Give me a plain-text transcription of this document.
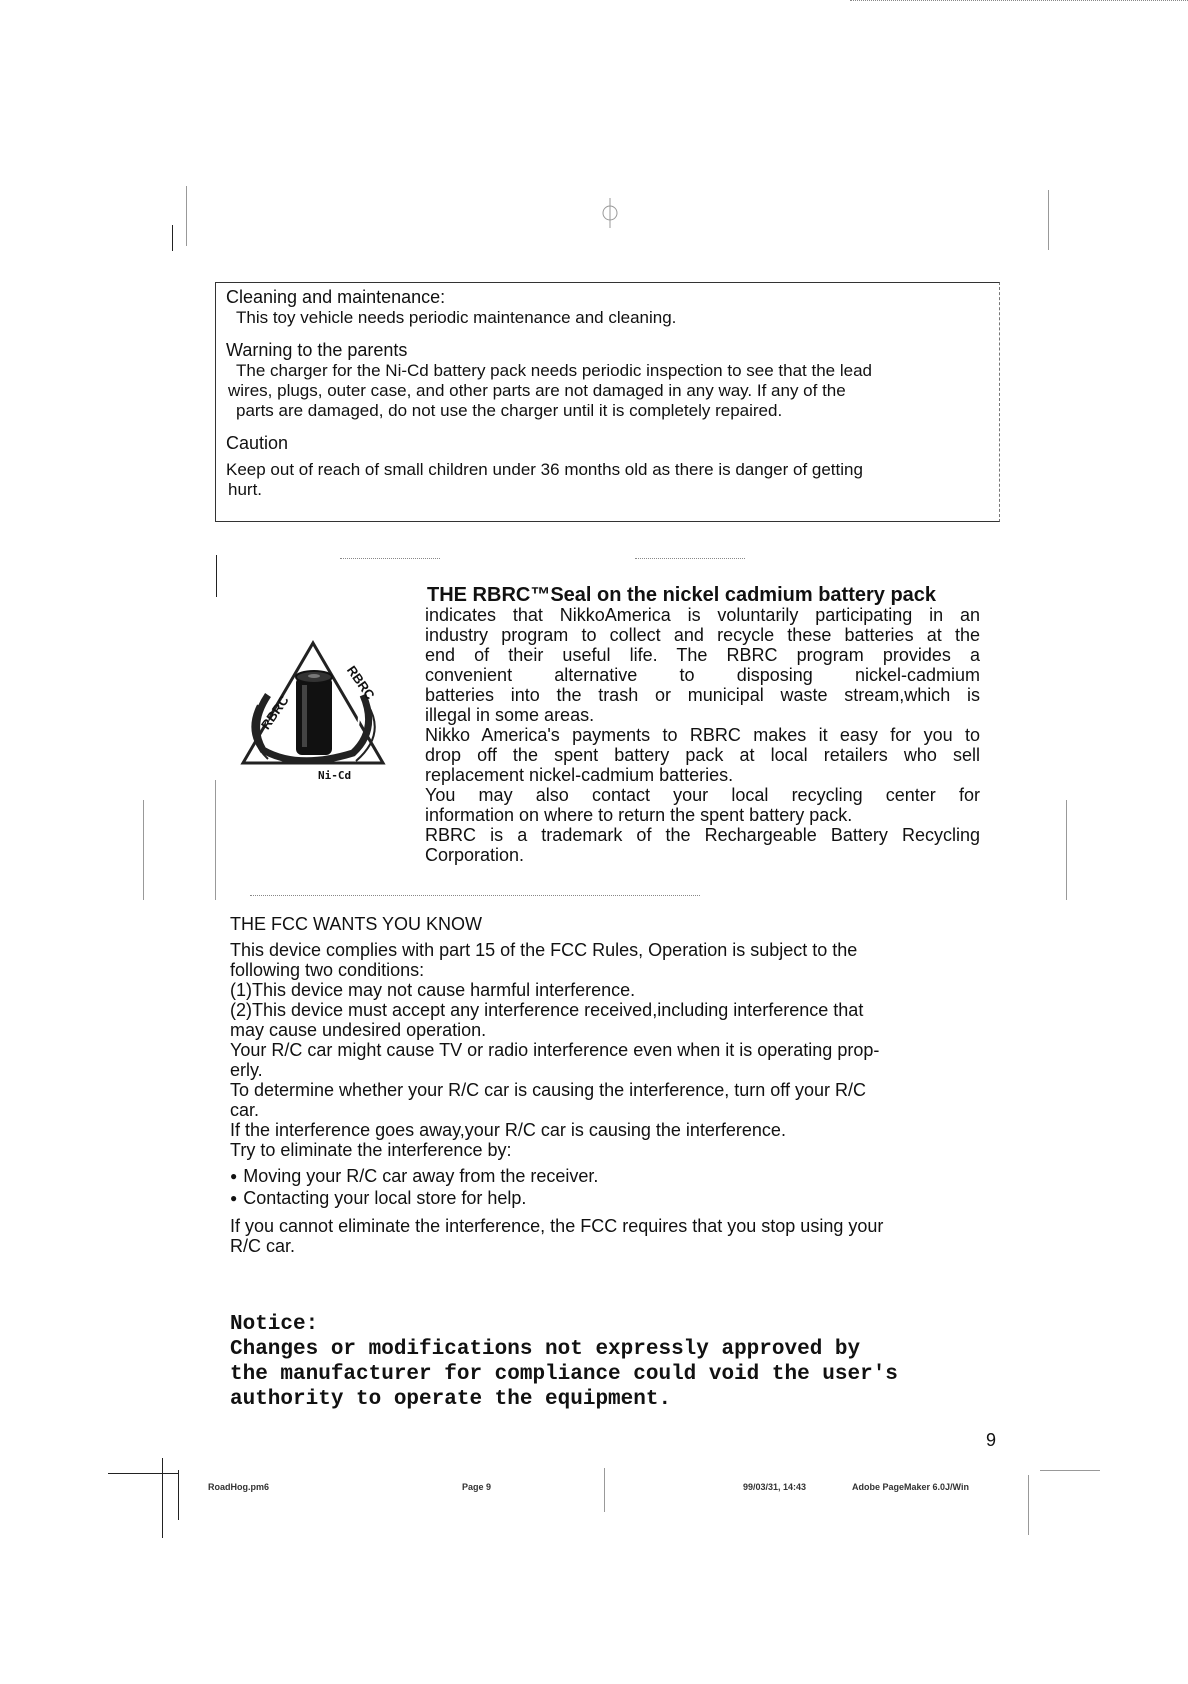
Cleaning and maintenance:

This toy vehicle needs periodic maintenance and cleaning.

Warning to the parents

The charger for the Ni-Cd battery pack needs periodic inspection to see that the lead

wires, plugs, outer case, and other parts are not damaged in any way. If any of the

parts are damaged, do not use the charger until it is completely repaired.

Caution

Keep out of reach of small children under 36 months old as there is danger of getting

hurt.

RBRC
RBRC
Ni-Cd
THE RBRC™Seal on the nickel cadmium battery pack

indicates that NikkoAmerica is voluntarily participating in an

industry program to collect and recycle these batteries at the

end of their useful life. The RBRC program provides a

convenient alternative to disposing nickel-cadmium

batteries into the trash or municipal waste stream,which is

illegal in some areas.

Nikko America's payments to RBRC makes it easy for you to

drop off the spent battery pack at local retailers who sell

replacement nickel-cadmium batteries.

You may also contact your local recycling center for

information on where to return the spent battery pack.

RBRC is a trademark of the Rechargeable Battery Recycling

Corporation.

THE FCC WANTS YOU KNOW

This device complies with part 15 of the FCC Rules, Operation is subject to the

following two conditions:

(1)This device may not cause harmful interference.

(2)This device must accept any interference received,including interference that

may cause undesired operation.

Your R/C car might cause TV or radio interference even when it is operating prop-

erly.

To determine whether your R/C car is causing the interference, turn off your R/C

car.

If the interference goes away,your R/C car is causing the interference.

Try to eliminate the interference by:

● Moving your R/C car away from the receiver.

● Contacting your local store for help.

If you cannot eliminate the interference, the FCC requires that you stop using your

R/C car.

Notice:
Changes or modifications not expressly approved by
the manufacturer for compliance could void the user's
authority to operate the equipment.
9
RoadHog.pm6	Page 9	99/03/31, 14:43	Adobe PageMaker 6.0J/Win
